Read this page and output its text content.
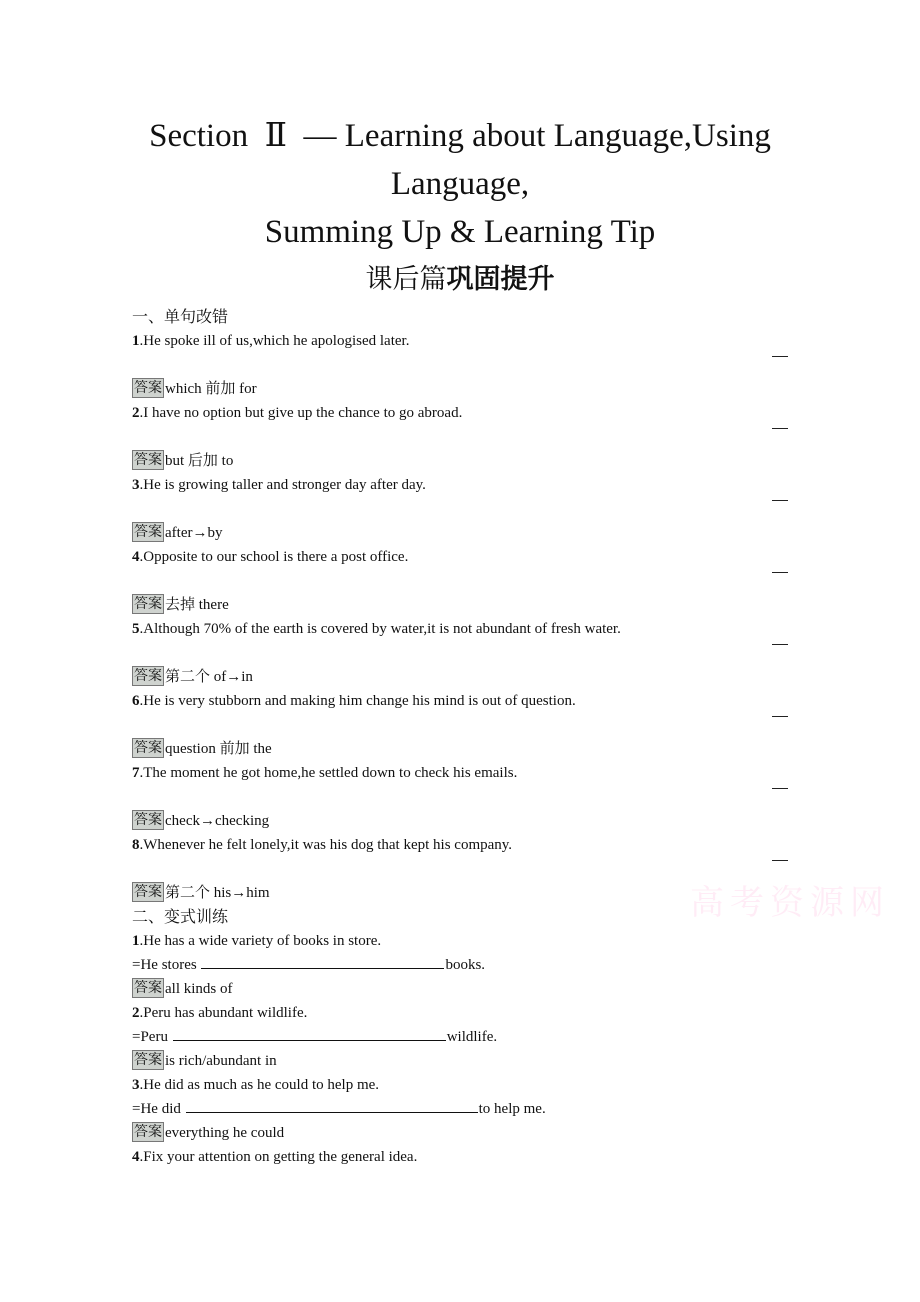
Section  Ⅱ  — Learning about Language,Using
Language,
Summing Up & Learning Tip
课后篇巩固提升
高考资源网
一、单句改错
1.He spoke ill of us,which he apologised later.
答案 which 前加 for
2.I have no option but give up the chance to go abroad.
答案 but 后加 to
3.He is growing taller and stronger day after day.
答案 after→by
4.Opposite to our school is there a post office.
答案 去掉 there
5.Although 70% of the earth is covered by water,it is not abundant of fresh water.
答案 第二个 of→in
6.He is very stubborn and making him change his mind is out of question.
答案 question 前加 the
7.The moment he got home,he settled down to check his emails.
答案 check→checking
8.Whenever he felt lonely,it was his dog that kept his company.
答案 第二个 his→him
二、变式训练
1.He has a wide variety of books in store.
=He stores	books.
答案 all kinds of
2.Peru has abundant wildlife.
=Peru	wildlife.
答案 is rich/abundant in
3.He did as much as he could to help me.
=He did	to help me.
答案 everything he could
4.Fix your attention on getting the general idea.
